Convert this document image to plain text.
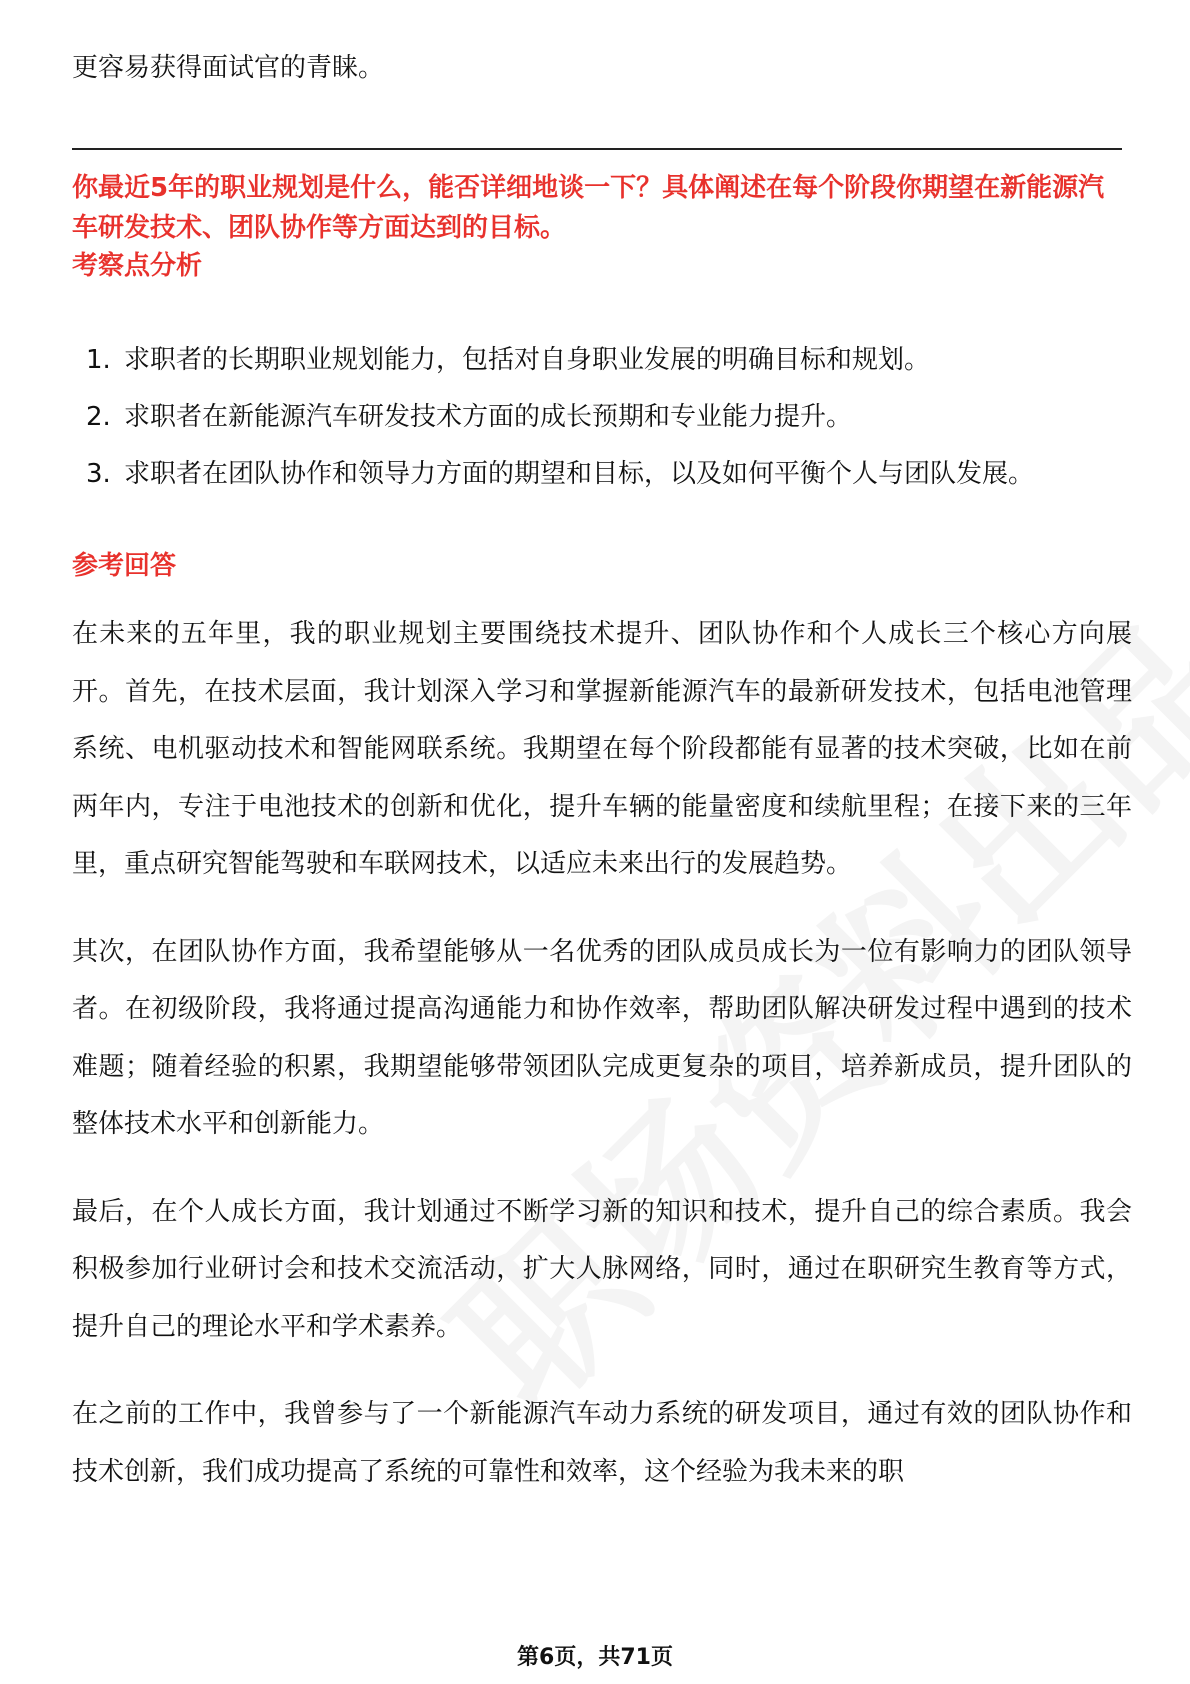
更容易获得面试官的青睐。
你最近5年的职业规划是什么，能否详细地谈一下？具体阐述在每个阶段你期望在新能源汽车研发技术、团队协作等方面达到的目标。
考察点分析
1. 求职者的长期职业规划能力，包括对自身职业发展的明确目标和规划。
2. 求职者在新能源汽车研发技术方面的成长预期和专业能力提升。
3. 求职者在团队协作和领导力方面的期望和目标，以及如何平衡个人与团队发展。
参考回答

在未来的五年里，我的职业规划主要围绕技术提升、团队协作和个人成长三个核心方向展开。首先，在技术层面，我计划深入学习和掌握新能源汽车的最新研发技术，包括电池管理系统、电机驱动技术和智能网联系统。我期望在每个阶段都能有显著的技术突破，比如在前两年内，专注于电池技术的创新和优化，提升车辆的能量密度和续航里程；在接下来的三年里，重点研究智能驾驶和车联网技术，以适应未来出行的发展趋势。

其次，在团队协作方面，我希望能够从一名优秀的团队成员成长为一位有影响力的团队领导者。在初级阶段，我将通过提高沟通能力和协作效率，帮助团队解决研发过程中遇到的技术难题；随着经验的积累，我期望能够带领团队完成更复杂的项目，培养新成员，提升团队的整体技术水平和创新能力。

最后，在个人成长方面，我计划通过不断学习新的知识和技术，提升自己的综合素质。我会积极参加行业研讨会和技术交流活动，扩大人脉网络，同时，通过在职研究生教育等方式，提升自己的理论水平和学术素养。

在之前的工作中，我曾参与了一个新能源汽车动力系统的研发项目，通过有效的团队协作和技术创新，我们成功提高了系统的可靠性和效率，这个经验为我未来的职

第6页，共71页
